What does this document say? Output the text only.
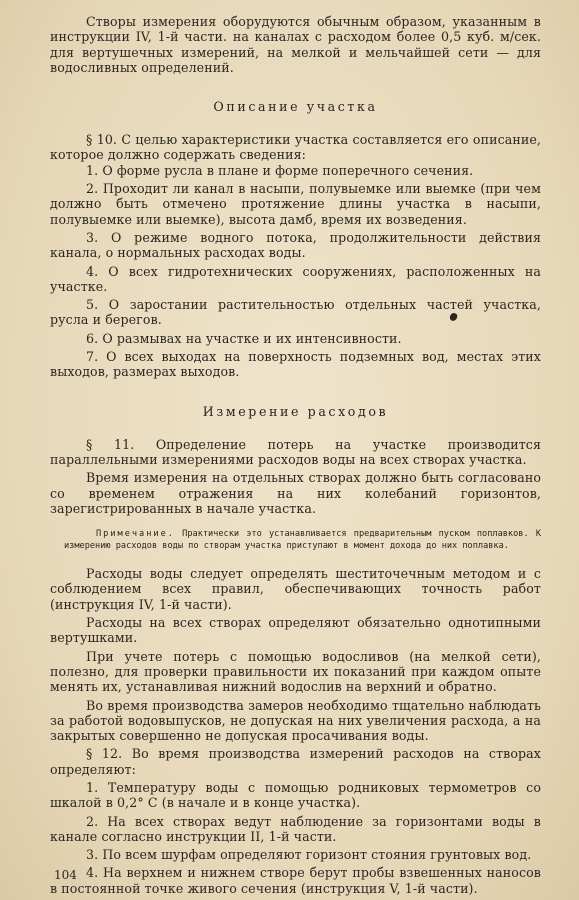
Створы измерения оборудуются обычным образом, указанным в инструкции IV, 1-й части. на каналах с расходом более 0,5 куб. м/сек. для вертушечных измерений, на мелкой и мельчайшей сети — для водосливных определений.

Описание участка

§ 10. С целью характеристики участка составляется его описание, которое должно содержать сведения:

1. О форме русла в плане и форме поперечного сечения.

2. Проходит ли канал в насыпи, полувыемке или выемке (при чем должно быть отмечено протяжение длины участка в насыпи, полувыемке или выемке), высота дамб, время их возведения.

3. О режиме водного потока, продолжительности действия канала, о нормальных расходах воды.

4. О всех гидротехнических сооружениях, расположенных на участке.

5. О заростании растительностью отдельных частей участка, русла и берегов.

6. О размывах на участке и их интенсивности.

7. О всех выходах на поверхность подземных вод, местах этих выходов, размерах выходов.

Измерение расходов

§ 11. Определение потерь на участке производится параллельными измерениями расходов воды на всех створах участка.

Время измерения на отдельных створах должно быть согласовано со временем отражения на них колебаний горизонтов, зарегистрированных в начале участка.

Примечание. Практически это устанавливается предварительным пуском поплавков. К измерению расходов воды по створам участка приступают в момент дохода до них поплавка.

Расходы воды следует определять шеститочечным методом и с соблюдением всех правил, обеспечивающих точность работ (инструкция IV, 1-й части).

Расходы на всех створах определяют обязательно однотипными вертушками.

При учете потерь с помощью водосливов (на мелкой сети), полезно, для проверки правильности их показаний при каждом опыте менять их, устанавливая нижний водослив на верхний и обратно.

Во время производства замеров необходимо тщательно наблюдать за работой водовыпусков, не допуская на них увеличения расхода, а на закрытых совершенно не допуская просачивания воды.

§ 12. Во время производства измерений расходов на створах определяют:

1. Температуру воды с помощью родниковых термометров со шкалой в 0,2° С (в начале и в конце участка).

2. На всех створах ведут наблюдение за горизонтами воды в канале согласно инструкции II, 1-й части.

3. По всем шурфам определяют горизонт стояния грунтовых вод.

4. На верхнем и нижнем створе берут пробы взвешенных наносов в постоянной точке живого сечения (инструкция V, 1-й части).

104
